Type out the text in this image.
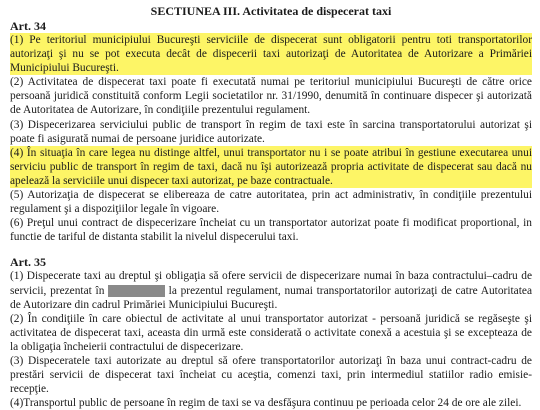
SECTIUNEA III. Activitatea de dispecerat taxi
Art. 34

(1) Pe teritoriul municipiului Bucureşti serviciile de dispecerat sunt obligatorii pentru toti transportatorilor autorizaţi şi nu se pot executa decât de dispecerii taxi autorizaţi de Autoritatea de Autorizare a Primăriei Municipiului Bucureşti.

(2) Activitatea de dispecerat taxi poate fi executată numai pe teritoriul municipiului Bucureşti de către orice persoană juridică constituită conform Legii societatilor nr. 31/1990, denumită în continuare dispecer şi autorizată de Autoritatea de Autorizare, în condiţiile prezentului regulament.

(3) Dispecerizarea serviciului public de transport în regim de taxi este în sarcina transportatorului autorizat şi poate fi asigurată numai de persoane juridice autorizate.

(4) În situaţia în care legea nu distinge altfel, unui transportator nu i se poate atribui în gestiune executarea unui serviciu public de transport în regim de taxi, dacă nu îşi autorizează propria activitate de dispecerat sau dacă nu apelează la serviciile unui dispecer taxi autorizat, pe baze contractuale.

(5) Autorizaţia de dispecerat se elibereaza de catre autoritatea, prin act administrativ, în condiţiile prezentului regulament şi a dispoziţiilor legale în vigoare.

(6) Preţul unui contract de dispecerizare încheiat cu un transportator autorizat poate fi modificat proportional, in functie de tariful de distanta stabilit la nivelul dispecerului taxi.

Art. 35

(1) Dispecerate taxi au dreptul şi obligaţia să ofere servicii de dispecerizare numai în baza contractului–cadru de servicii, prezentat în Anexa nr. 1 la prezentul regulament, numai transportatorilor autorizaţi de catre Autoritatea de Autorizare din cadrul Primăriei Municipiului Bucureşti.

(2) În condiţiile în care obiectul de activitate al unui transportator autorizat - persoană juridică se regăseşte şi activitatea de dispecerat taxi, aceasta din urmă este considerată o activitate conexă a acestuia şi se excepteaza de la obligaţia încheierii contractului de dispecerizare.

(3) Dispeceratele taxi autorizate au dreptul să ofere transportatorilor autorizaţi în baza unui contract-cadru de prestări servicii de dispecerat taxi încheiat cu aceştia, comenzi taxi, prin intermediul statiilor radio emisie- recepţie.

(4)Transportul public de persoane în regim de taxi se va desfăşura continuu pe perioada celor 24 de ore ale zilei.
